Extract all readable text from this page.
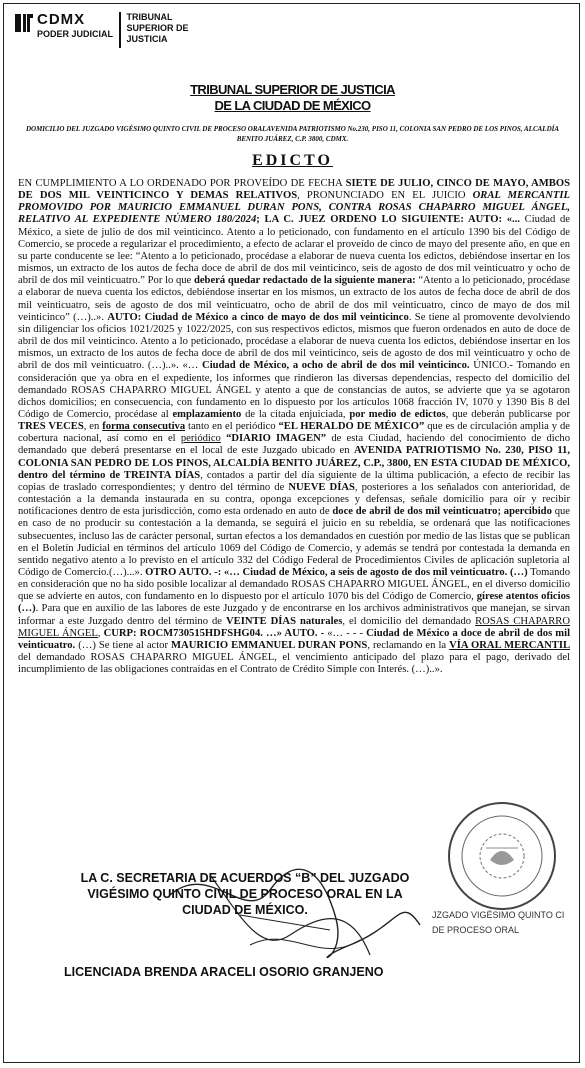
CDMX
PODER JUDICIAL
TRIBUNAL
SUPERIOR DE
JUSTICIA
TRIBUNAL SUPERIOR DE JUSTICIA
DE LA CIUDAD DE MÉXICO
DOMICILIO DEL JUZGADO VIGÉSIMO QUINTO CIVIL DE PROCESO ORALAVENIDA PATRIOTISMO No.230, PISO 11, COLONIA SAN PEDRO DE LOS PINOS, ALCALDÍA BENITO JUÁREZ, C.P. 3800, CDMX.
EDICTO

EN CUMPLIMIENTO A LO ORDENADO POR PROVEÍDO DE FECHA SIETE DE JULIO, CINCO DE MAYO, AMBOS DE DOS MIL VEINTICINCO Y DEMAS RELATIVOS, PRONUNCIADO EN EL JUICIO ORAL MERCANTIL PROMOVIDO POR MAURICIO EMMANUEL DURAN PONS, CONTRA ROSAS CHAPARRO MIGUEL ÁNGEL, RELATIVO AL EXPEDIENTE NÚMERO 180/2024; LA C. JUEZ ORDENO LO SIGUIENTE: AUTO: «... Ciudad de México, a siete de julio de dos mil veinticinco. Atento a lo peticionado, con fundamento en el artículo 1390 bis del Código de Comercio, se procede a regularizar el procedimiento, a efecto de aclarar el proveído de cinco de mayo del presente año, en que en su parte conducente se lee: “Atento a lo peticionado, procédase a elaborar de nueva cuenta los edictos, debiéndose insertar en los mismos, un extracto de los autos de fecha doce de abril de dos mil veinticinco, seis de agosto de dos mil veinticuatro y ocho de abril de dos mil veinticuatro.” Por lo que deberá quedar redactado de la siguiente manera: “Atento a lo peticionado, procédase a elaborar de nueva cuenta los edictos, debiéndose insertar en los mismos, un extracto de los autos de fecha doce de abril de dos mil veinticuatro, seis de agosto de dos mil veinticuatro, ocho de abril de dos mil veinticuatro, cinco de mayo de dos mil veinticinco” (…)..». AUTO: Ciudad de México a cinco de mayo de dos mil veinticinco. Se tiene al promovente devolviendo sin diligenciar los oficios 1021/2025 y 1022/2025, con sus respectivos edictos, mismos que fueron ordenados en auto de doce de abril de dos mil veinticinco. Atento a lo peticionado, procédase a elaborar de nueva cuenta los edictos, debiéndose insertar en los mismos, un extracto de los autos de fecha doce de abril de dos mil veinticinco, seis de agosto de dos mil veinticuatro y ocho de abril de dos mil veinticuatro. (…)..». «… Ciudad de México, a ocho de abril de dos mil veinticinco. ÚNICO.- Tomando en consideración que ya obra en el expediente, los informes que rindieron las diversas dependencias, respecto del domicilio del demandado ROSAS CHAPARRO MIGUEL ÁNGEL y atento a que de constancias de autos, se advierte que ya se agotaron dichos domicilios; en consecuencia, con fundamento en lo dispuesto por los artículos 1068 fracción IV, 1070 y 1390 Bis 8 del Código de Comercio, procédase al emplazamiento de la citada enjuiciada, por medio de edictos, que deberán publicarse por TRES VECES, en forma consecutiva tanto en el periódico “EL HERALDO DE MÉXICO” que es de circulación amplia y de cobertura nacional, así como en el periódico “DIARIO IMAGEN” de esta Ciudad, haciendo del conocimiento de dicho demandado que deberá presentarse en el local de este Juzgado ubicado en AVENIDA PATRIOTISMO No. 230, PISO 11, COLONIA SAN PEDRO DE LOS PINOS, ALCALDÍA BENITO JUÁREZ, C.P., 3800, EN ESTA CIUDAD DE MÉXICO, dentro del término de TREINTA DÍAS, contados a partir del día siguiente de la última publicación, a efecto de recibir las copias de traslado correspondientes; y dentro del término de NUEVE DÍAS, posteriores a los señalados con anterioridad, de contestación a la demanda instaurada en su contra, oponga excepciones y defensas, señale domicilio para oír y recibir notificaciones dentro de esta jurisdicción, como esta ordenado en auto de doce de abril de dos mil veinticuatro; apercibido que en caso de no producir su contestación a la demanda, se seguirá el juicio en su rebeldía, se ordenará que las notificaciones subsecuentes, incluso las de carácter personal, surtan efectos a los demandados en cuestión por medio de las listas que se publican en el Boletín Judicial en términos del artículo 1069 del Código de Comercio, y además se tendrá por contestada la demanda en sentido negativo atento a lo previsto en el artículo 332 del Código Federal de Procedimientos Civiles de aplicación supletoria al Código de Comercio.(…)...». OTRO AUTO. -: «… Ciudad de México, a seis de agosto de dos mil veinticuatro. (…) Tomando en consideración que no ha sido posible localizar al demandado ROSAS CHAPARRO MIGUEL ÁNGEL, en el diverso domicilio que se advierte en autos, con fundamento en lo dispuesto por el artículo 1070 bis del Código de Comercio, gírese atentos oficios (…). Para que en auxilio de las labores de este Juzgado y de encontrarse en los archivos administrativos que manejan, se sirvan informar a este Juzgado dentro del término de VEINTE DÍAS naturales, el domicilio del demandado ROSAS CHAPARRO MIGUEL ÁNGEL, CURP: ROCM730515HDFSHG04. …» AUTO. - «… - - - Ciudad de México a doce de abril de dos mil veinticuatro. (…) Se tiene al actor MAURICIO EMMANUEL DURAN PONS, reclamando en la VÍA ORAL MERCANTIL del demandado ROSAS CHAPARRO MIGUEL ÁNGEL, el vencimiento anticipado del plazo para el pago, derivado del incumplimiento de las obligaciones contraídas en el Contrato de Crédito Simple con Interés. (…)..».

LA C. SECRETARIA DE ACUERDOS “B” DEL JUZGADO
VIGÉSIMO QUINTO CIVIL DE PROCESO ORAL EN LA
CIUDAD DE MÉXICO.	JZGADO VIGÉSIMO QUINTO CI
DE PROCESO ORAL
LICENCIADA BRENDA ARACELI OSORIO GRANJENO
